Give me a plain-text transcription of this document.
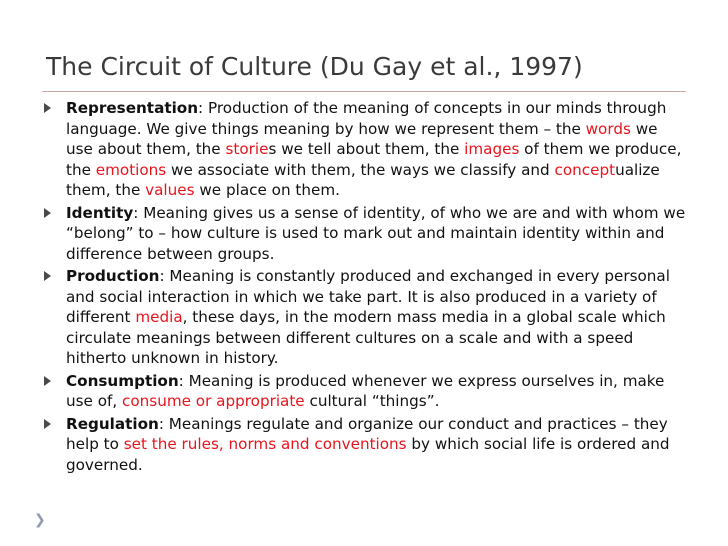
The Circuit of Culture (Du Gay et al., 1997)
Representation: Production of the meaning of concepts in our minds through language. We give things meaning by how we represent them – the words we use about them, the stories we tell about them, the images of them we produce, the emotions we associate with them, the ways we classify and conceptualize them, the values we place on them.
Identity: Meaning gives us a sense of identity, of who we are and with whom we “belong” to – how culture is used to mark out and maintain identity within and difference between groups.
Production: Meaning is constantly produced and exchanged in every personal and social interaction in which we take part. It is also produced in a variety of different media, these days, in the modern mass media in a global scale which circulate meanings between different cultures on a scale and with a speed hitherto unknown in history.
Consumption: Meaning is produced whenever we express ourselves in, make use of, consume or appropriate cultural “things”.
Regulation: Meanings regulate and organize our conduct and practices – they help to set the rules, norms and conventions by which social life is ordered and governed.
❯
